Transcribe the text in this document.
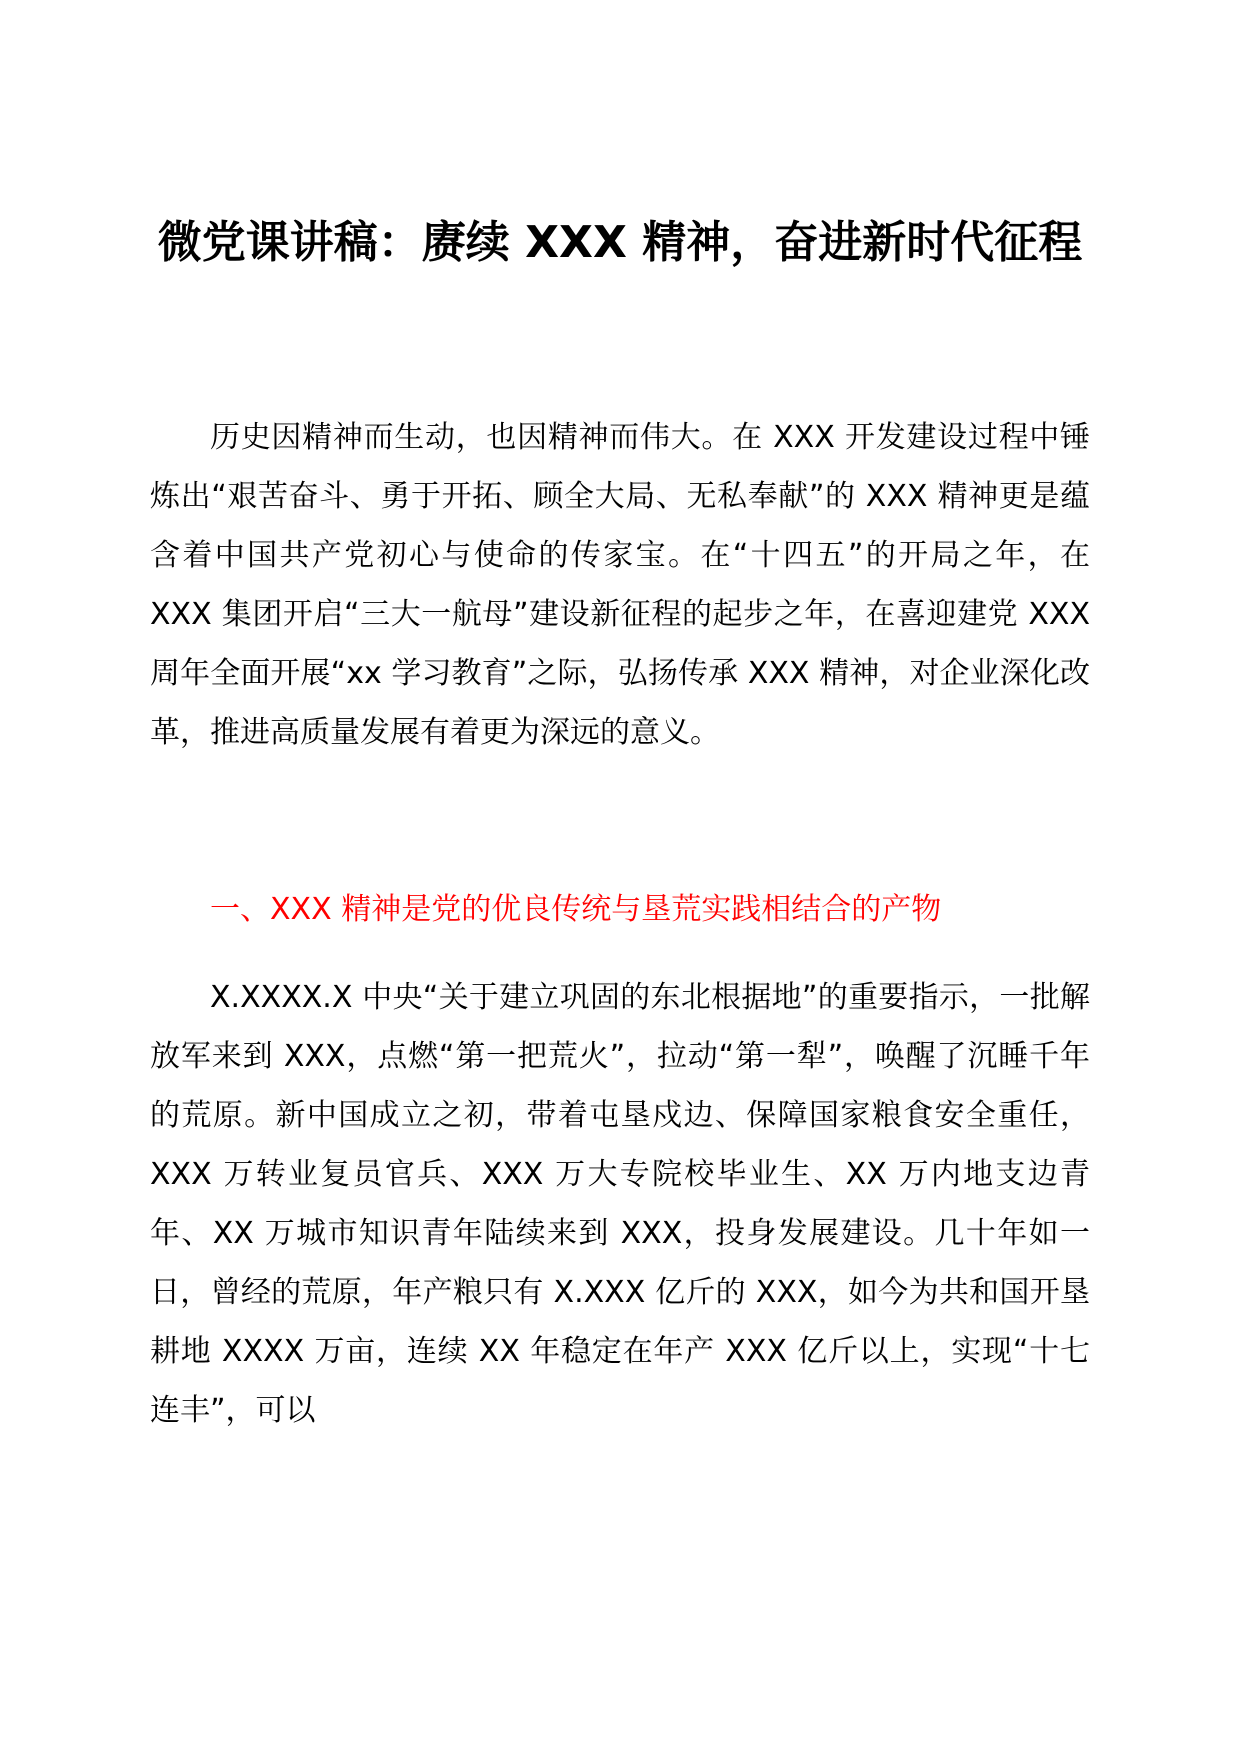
微党课讲稿：赓续 XXX 精神，奋进新时代征程

历史因精神而生动，也因精神而伟大。在 XXX 开发建设过程中锤炼出“艰苦奋斗、勇于开拓、顾全大局、无私奉献”的 XXX 精神更是蕴含着中国共产党初心与使命的传家宝。在“十四五”的开局之年，在 XXX 集团开启“三大一航母”建设新征程的起步之年，在喜迎建党 XXX 周年全面开展“xx 学习教育”之际，弘扬传承 XXX 精神，对企业深化改革，推进高质量发展有着更为深远的意义。

一、XXX 精神是党的优良传统与垦荒实践相结合的产物

X.XXXX.X 中央“关于建立巩固的东北根据地”的重要指示，一批解放军来到 XXX，点燃“第一把荒火”，拉动“第一犁”，唤醒了沉睡千年的荒原。新中国成立之初，带着屯垦戍边、保障国家粮食安全重任，XXX 万转业复员官兵、XXX 万大专院校毕业生、XX 万内地支边青年、XX 万城市知识青年陆续来到 XXX，投身发展建设。几十年如一日，曾经的荒原，年产粮只有 X.XXX 亿斤的 XXX，如今为共和国开垦耕地 XXXX 万亩，连续 XX 年稳定在年产 XXX 亿斤以上，实现“十七连丰”，可以
